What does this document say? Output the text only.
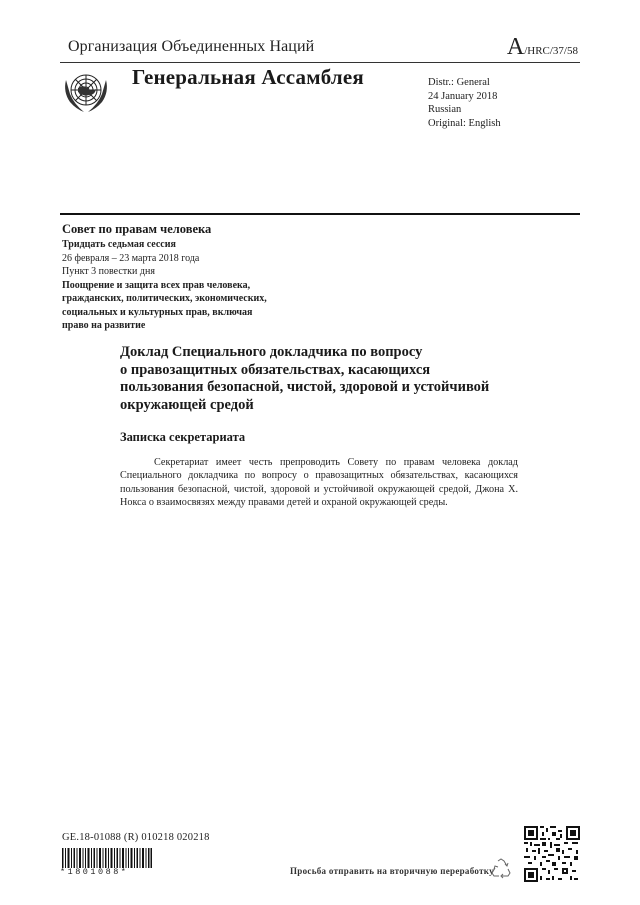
Организация Объединенных Наций	A/HRC/37/58
Генеральная Ассамблея	Distr.: General
24 January 2018
Russian
Original: English
Совет по правам человека
Тридцать седьмая сессия
26 февраля – 23 марта 2018 года
Пункт 3 повестки дня
Поощрение и защита всех прав человека,
гражданских, политических, экономических,
социальных и культурных прав, включая
право на развитие
Доклад Специального докладчика по вопросу
о правозащитных обязательствах, касающихся
пользования безопасной, чистой, здоровой и устойчивой
окружающей средой
Записка секретариата
Секретариат имеет честь препроводить Совету по правам человека доклад Специального докладчика по вопросу о правозащитных обязательствах, касающихся пользования безопасной, чистой, здоровой и устойчивой окружающей средой, Джона Х. Нокса о взаимосвязях между правами детей и охраной окружающей среды.
GE.18-01088 (R) 010218 020218
*1801088*	Просьба отправить на вторичную переработку
